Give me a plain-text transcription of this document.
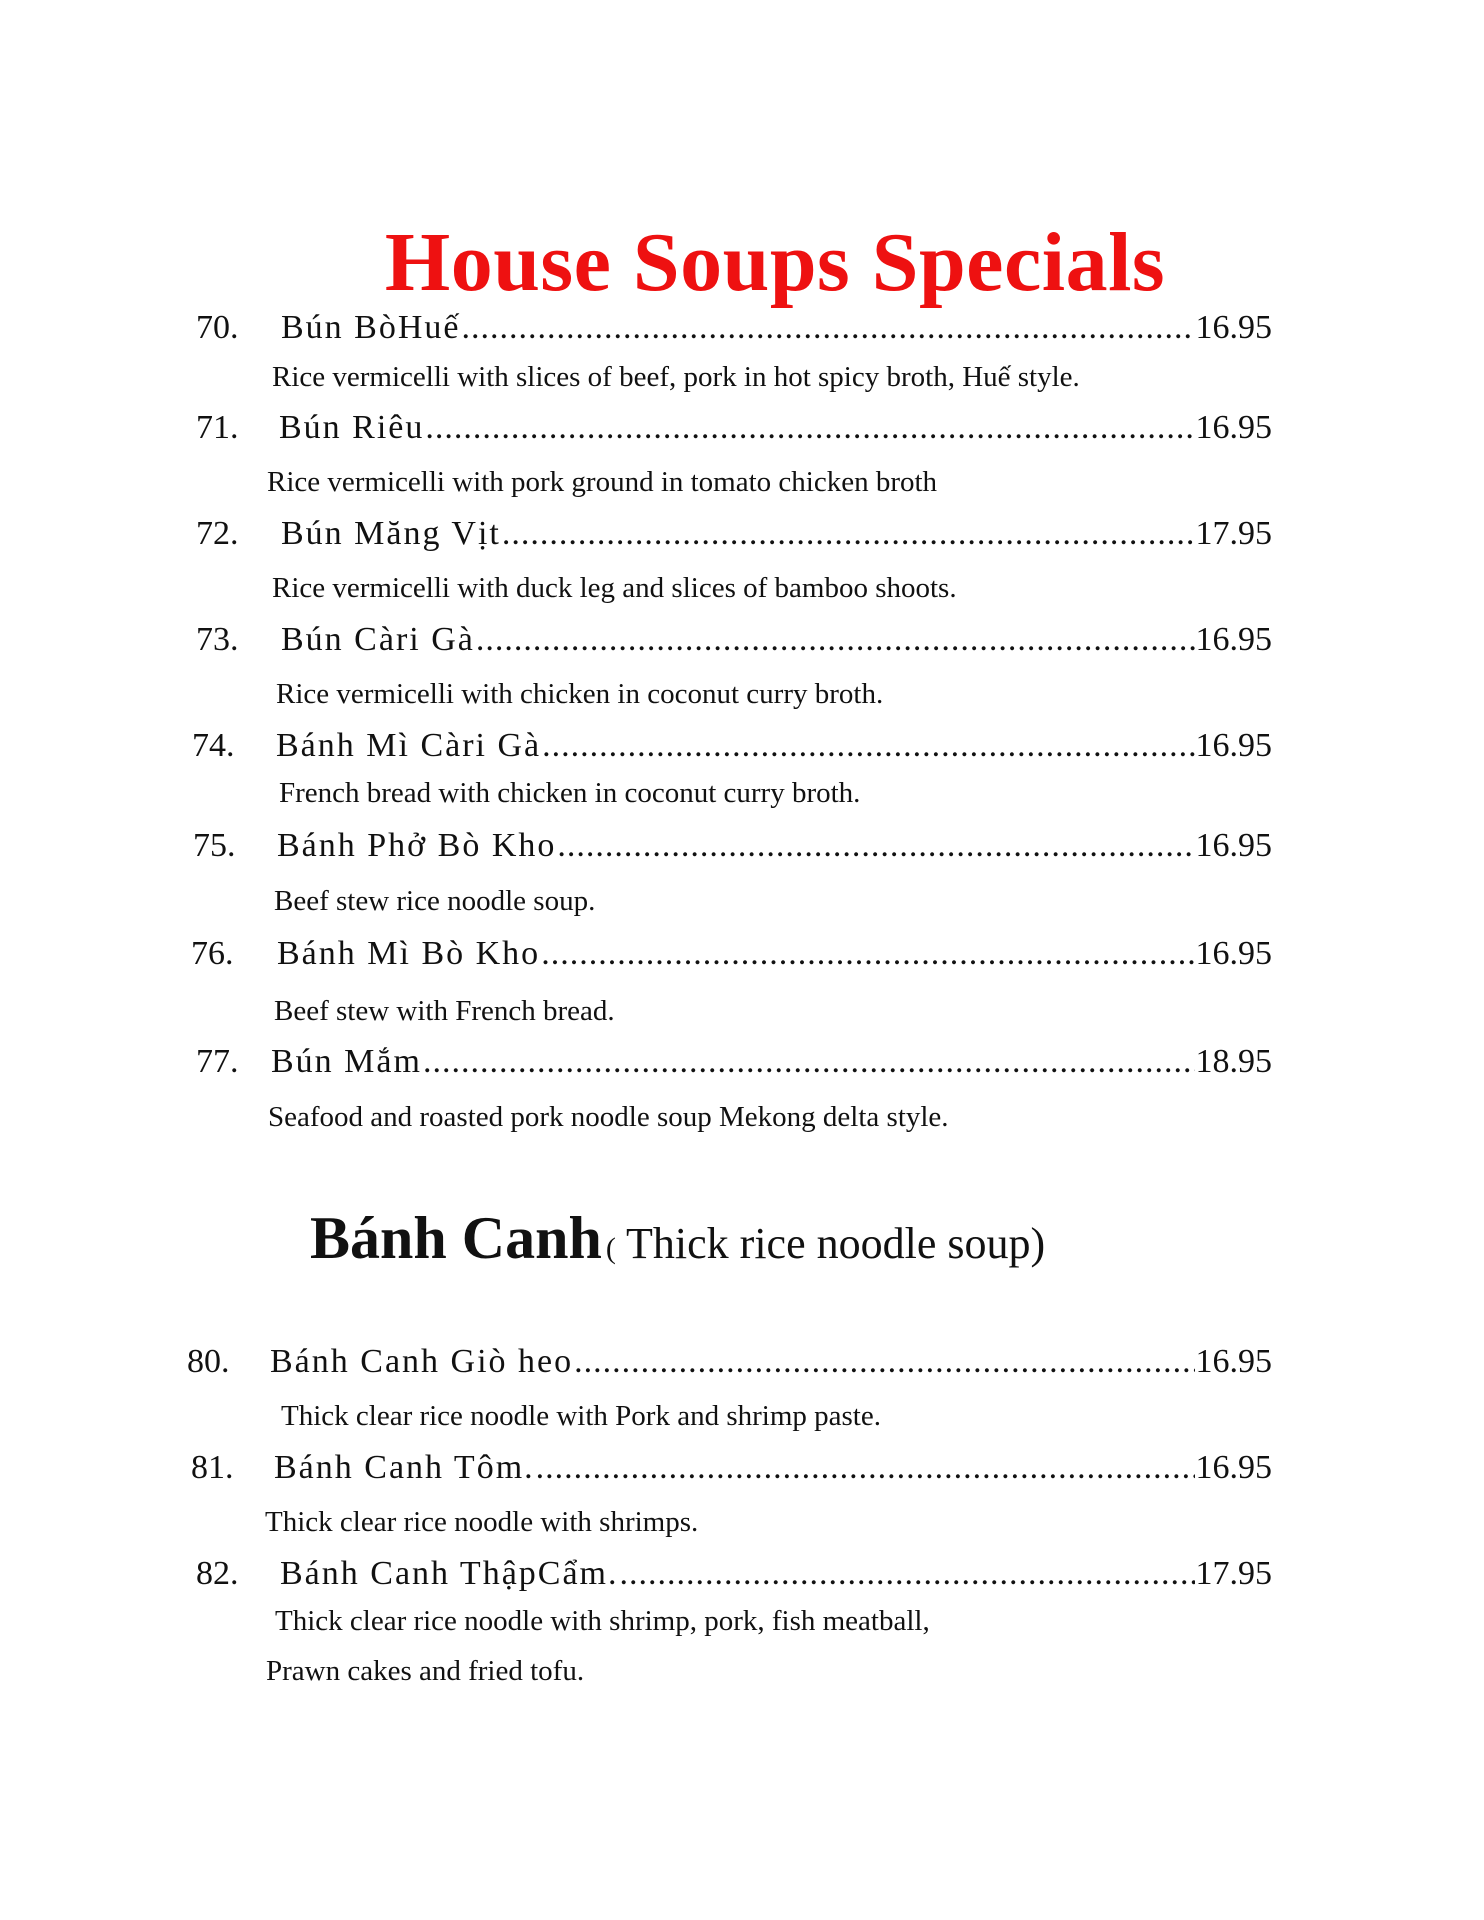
House Soups Specials
70. Bún BòHuế .....	16.95
Rice vermicelli with slices of beef, pork in hot spicy broth, Huế style.
71. Bún Riêu .....	16.95
Rice vermicelli with pork ground in tomato chicken broth
72. Bún Măng Vịt .....	17.95
Rice vermicelli with duck leg and slices of bamboo shoots.
73. Bún Càri Gà .....	16.95
Rice vermicelli with chicken in coconut curry broth.
74. Bánh Mì Càri Gà .....	16.95
French bread with chicken in coconut curry broth.
75. Bánh Phở Bò Kho .....	16.95
Beef stew rice noodle soup.
76. Bánh Mì Bò Kho .....	16.95
Beef stew with French bread.
77. Bún Mắm .....	18.95
Seafood and roasted pork noodle soup Mekong delta style.
Bánh Canh ( Thick rice noodle soup)
80. Bánh Canh Giò heo .....	16.95
Thick clear rice noodle with Pork and shrimp paste.
81. Bánh Canh Tôm. .....	16.95
Thick clear rice noodle with shrimps.
82. Bánh Canh ThậpCẩm. .....	17.95
Thick clear rice noodle with shrimp, pork, fish meatball,
Prawn cakes and fried tofu.
